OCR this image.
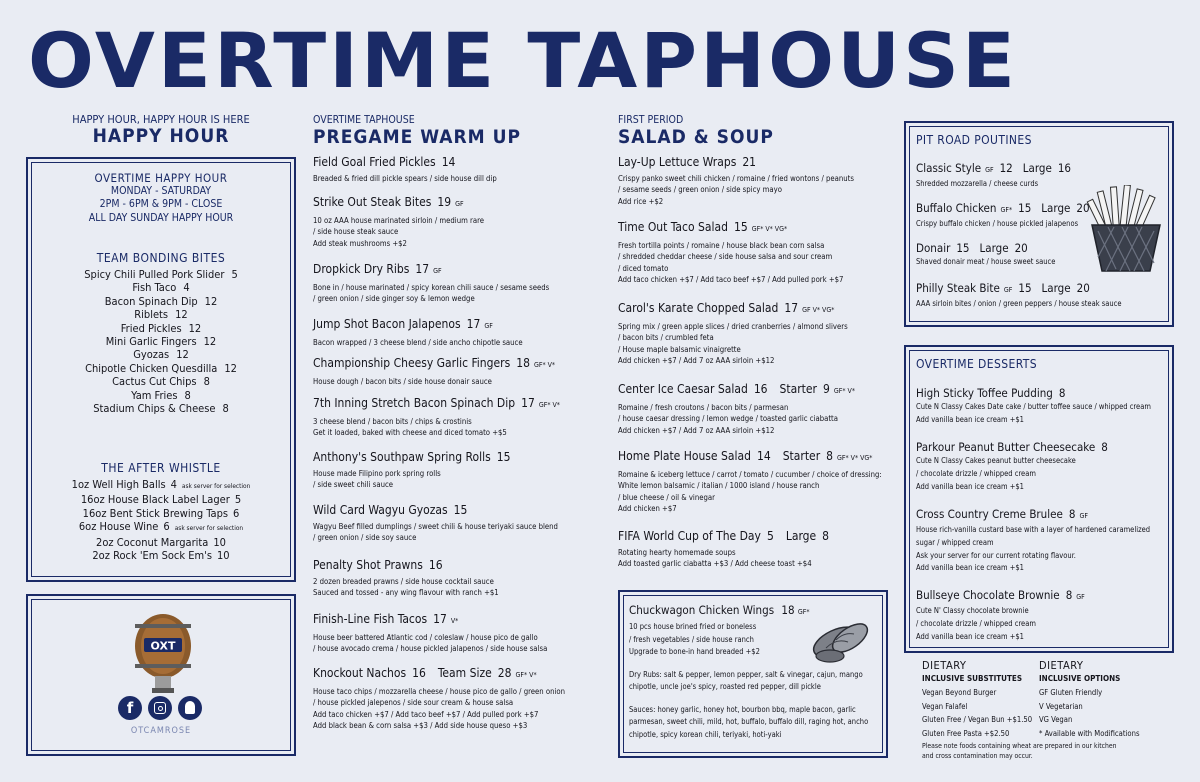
OVERTIME TAPHOUSE
HAPPY HOUR, HAPPY HOUR IS HERE
HAPPY HOUR
OVERTIME HAPPY HOUR
MONDAY - SATURDAY
2PM - 6PM & 9PM - CLOSE
ALL DAY SUNDAY HAPPY HOUR
TEAM BONDING BITES
Spicy Chili Pulled Pork Slider 5
Fish Taco 4
Bacon Spinach Dip 12
Riblets 12
Fried Pickles 12
Mini Garlic Fingers 12
Gyozas 12
Chipotle Chicken Quesdilla 12
Cactus Cut Chips 8
Yam Fries 8
Stadium Chips & Cheese 8
THE AFTER WHISTLE
1oz Well High Balls 4 ask server for selection
16oz House Black Label Lager 5
16oz Bent Stick Brewing Taps 6
6oz House Wine 6 ask server for selection
2oz Coconut Margarita 10
2oz Rock 'Em Sock Em's 10
OXT
f
OTCAMROSE
OVERTIME TAPHOUSE
PREGAME WARM UP
Field Goal Fried Pickles 14
Breaded & fried dill pickle spears / side house dill dip
Strike Out Steak Bites 19 GF
10 oz AAA house marinated sirloin / medium rare
/ side house steak sauce
Add steak mushrooms +$2
Dropkick Dry Ribs 17 GF
Bone in / house marinated / spicy korean chili sauce / sesame seeds
/ green onion / side ginger soy & lemon wedge
Jump Shot Bacon Jalapenos 17 GF
Bacon wrapped / 3 cheese blend / side ancho chipotle sauce
Championship Cheesy Garlic Fingers 18 GF* V*
House dough / bacon bits / side house donair sauce
7th Inning Stretch Bacon Spinach Dip 17 GF* V*
3 cheese blend / bacon bits / chips & crostinis
Get it loaded, baked with cheese and diced tomato +$5
Anthony's Southpaw Spring Rolls 15
House made Filipino pork spring rolls
/ side sweet chili sauce
Wild Card Wagyu Gyozas 15
Wagyu Beef filled dumplings / sweet chili & house teriyaki sauce blend
/ green onion / side soy sauce
Penalty Shot Prawns 16
2 dozen breaded prawns / side house cocktail sauce
Sauced and tossed - any wing flavour with ranch +$1
Finish-Line Fish Tacos 17 V*
House beer battered Atlantic cod / coleslaw / house pico de gallo
/ house avocado crema / house pickled jalapenos / side house salsa
Knockout Nachos 16 Team Size 28 GF* V*
House taco chips / mozzarella cheese / house pico de gallo / green onion
/ house pickled jalepenos / side sour cream & house salsa
Add taco chicken +$7 / Add taco beef +$7 / Add pulled pork +$7
Add black bean & corn salsa +$3 / Add side house queso +$3
FIRST PERIOD
SALAD & SOUP
Lay-Up Lettuce Wraps 21
Crispy panko sweet chili chicken / romaine / fried wontons / peanuts
/ sesame seeds / green onion / side spicy mayo
Add rice +$2
Time Out Taco Salad 15 GF* V* VG*
Fresh tortilla points / romaine / house black bean corn salsa
/ shredded cheddar cheese / side house salsa and sour cream
/ diced tomato
Add taco chicken +$7 / Add taco beef +$7 / Add pulled pork +$7
Carol's Karate Chopped Salad 17 GF V* VG*
Spring mix / green apple slices / dried cranberries / almond slivers
/ bacon bits / crumbled feta
/ House maple balsamic vinaigrette
Add chicken +$7 / Add 7 oz AAA sirloin +$12
Center Ice Caesar Salad 16 Starter 9 GF* V*
Romaine / fresh croutons / bacon bits / parmesan
/ house caesar dressing / lemon wedge / toasted garlic ciabatta
Add chicken +$7 / Add 7 oz AAA sirloin +$12
Home Plate House Salad 14 Starter 8 GF* V* VG*
Romaine & iceberg lettuce / carrot / tomato / cucumber / choice of dressing:
White lemon balsamic / italian / 1000 island / house ranch
/ blue cheese / oil & vinegar
Add chicken +$7
FIFA World Cup of The Day 5 Large 8
Rotating hearty homemade soups
Add toasted garlic ciabatta +$3 / Add cheese toast +$4
Chuckwagon Chicken Wings 18 GF*
10 pcs house brined fried or boneless
/ fresh vegetables / side house ranch
Upgrade to bone-in hand breaded +$2
Dry Rubs: salt & pepper, lemon pepper, salt & vinegar, cajun, mango
chipotle, uncle joe's spicy, roasted red pepper, dill pickle
Sauces: honey garlic, honey hot, bourbon bbq, maple bacon, garlic
parmesan, sweet chili, mild, hot, buffalo, buffalo dill, raging hot, ancho
chipotle, spicy korean chili, teriyaki, hoti-yaki
PIT ROAD POUTINES
Classic Style GF 12 Large 16
Shredded mozzarella / cheese curds
Buffalo Chicken GF* 15 Large 20
Crispy buffalo chicken / house pickled jalapenos
Donair 15 Large 20
Shaved donair meat / house sweet sauce
Philly Steak Bite GF 15 Large 20
AAA sirloin bites / onion / green peppers / house steak sauce
OVERTIME DESSERTS
High Sticky Toffee Pudding 8
Cute N Classy Cakes Date cake / butter toffee sauce / whipped cream
Add vanilla bean ice cream +$1
Parkour Peanut Butter Cheesecake 8
Cute N Classy Cakes peanut butter cheesecake
/ chocolate drizzle / whipped cream
Add vanilla bean ice cream +$1
Cross Country Creme Brulee 8 GF
House rich-vanilla custard base with a layer of hardened caramelized
sugar / whipped cream
Ask your server for our current rotating flavour.
Add vanilla bean ice cream +$1
Bullseye Chocolate Brownie 8 GF
Cute N' Classy chocolate brownie
/ chocolate drizzle / whipped cream
Add vanilla bean ice cream +$1
DIETARY
INCLUSIVE SUBSTITUTES
Vegan Beyond Burger
Vegan Falafel
Gluten Free / Vegan Bun +$1.50
Gluten Free Pasta +$2.50
DIETARY
INCLUSIVE OPTIONS
GF Gluten Friendly
V Vegetarian
VG Vegan
* Available with Modifications
Please note foods containing wheat are prepared in our kitchen
and cross contamination may occur.
